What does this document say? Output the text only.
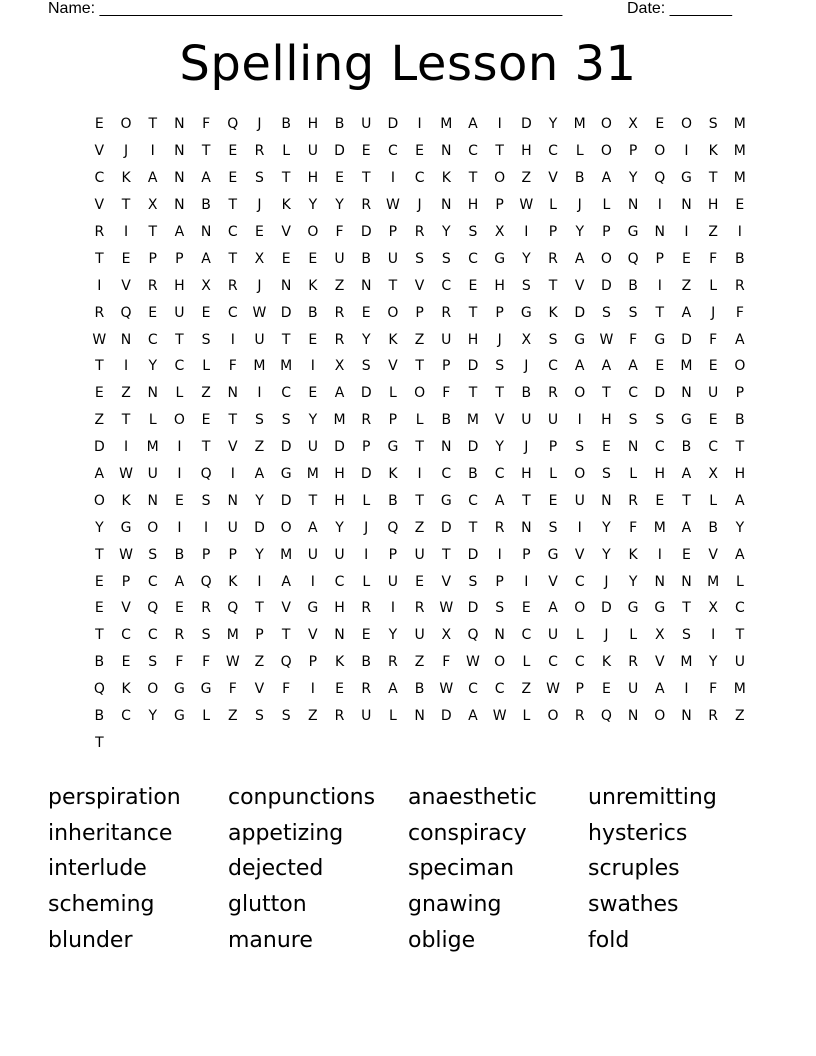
Name: ____________________________________________________	Date: _______
Spelling Lesson 31
E	O	T	N	F	Q	J	B	H	B	U	D	I	M	A	I	D	Y	M	O	X	E	O	S	M
V	J	I	N	T	E	R	L	U	D	E	C	E	N	C	T	H	C	L	O	P	O	I	K	M
C	K	A	N	A	E	S	T	H	E	T	I	C	K	T	O	Z	V	B	A	Y	Q	G	T	M
V	T	X	N	B	T	J	K	Y	Y	R	W	J	N	H	P	W	L	J	L	N	I	N	H	E
R	I	T	A	N	C	E	V	O	F	D	P	R	Y	S	X	I	P	Y	P	G	N	I	Z	I
T	E	P	P	A	T	X	E	E	U	B	U	S	S	C	G	Y	R	A	O	Q	P	E	F	B
I	V	R	H	X	R	J	N	K	Z	N	T	V	C	E	H	S	T	V	D	B	I	Z	L	R
R	Q	E	U	E	C	W	D	B	R	E	O	P	R	T	P	G	K	D	S	S	T	A	J	F
W	N	C	T	S	I	U	T	E	R	Y	K	Z	U	H	J	X	S	G	W	F	G	D	F	A
T	I	Y	C	L	F	M	M	I	X	S	V	T	P	D	S	J	C	A	A	A	E	M	E	O
E	Z	N	L	Z	N	I	C	E	A	D	L	O	F	T	T	B	R	O	T	C	D	N	U	P
Z	T	L	O	E	T	S	S	Y	M	R	P	L	B	M	V	U	U	I	H	S	S	G	E	B
D	I	M	I	T	V	Z	D	U	D	P	G	T	N	D	Y	J	P	S	E	N	C	B	C	T
A	W	U	I	Q	I	A	G	M	H	D	K	I	C	B	C	H	L	O	S	L	H	A	X	H
O	K	N	E	S	N	Y	D	T	H	L	B	T	G	C	A	T	E	U	N	R	E	T	L	A
Y	G	O	I	I	U	D	O	A	Y	J	Q	Z	D	T	R	N	S	I	Y	F	M	A	B	Y
T	W	S	B	P	P	Y	M	U	U	I	P	U	T	D	I	P	G	V	Y	K	I	E	V	A
E	P	C	A	Q	K	I	A	I	C	L	U	E	V	S	P	I	V	C	J	Y	N	N	M	L
E	V	Q	E	R	Q	T	V	G	H	R	I	R	W	D	S	E	A	O	D	G	G	T	X	C
T	C	C	R	S	M	P	T	V	N	E	Y	U	X	Q	N	C	U	L	J	L	X	S	I	T
B	E	S	F	F	W	Z	Q	P	K	B	R	Z	F	W	O	L	C	C	K	R	V	M	Y	U
Q	K	O	G	G	F	V	F	I	E	R	A	B	W	C	C	Z	W	P	E	U	A	I	F	M
B	C	Y	G	L	Z	S	S	Z	R	U	L	N	D	A	W	L	O	R	Q	N	O	N	R	Z
T
perspiration	conpunctions	anaesthetic	unremitting
inheritance	appetizing	conspiracy	hysterics
interlude	dejected	speciman	scruples
scheming	glutton	gnawing	swathes
blunder	manure	oblige	fold
